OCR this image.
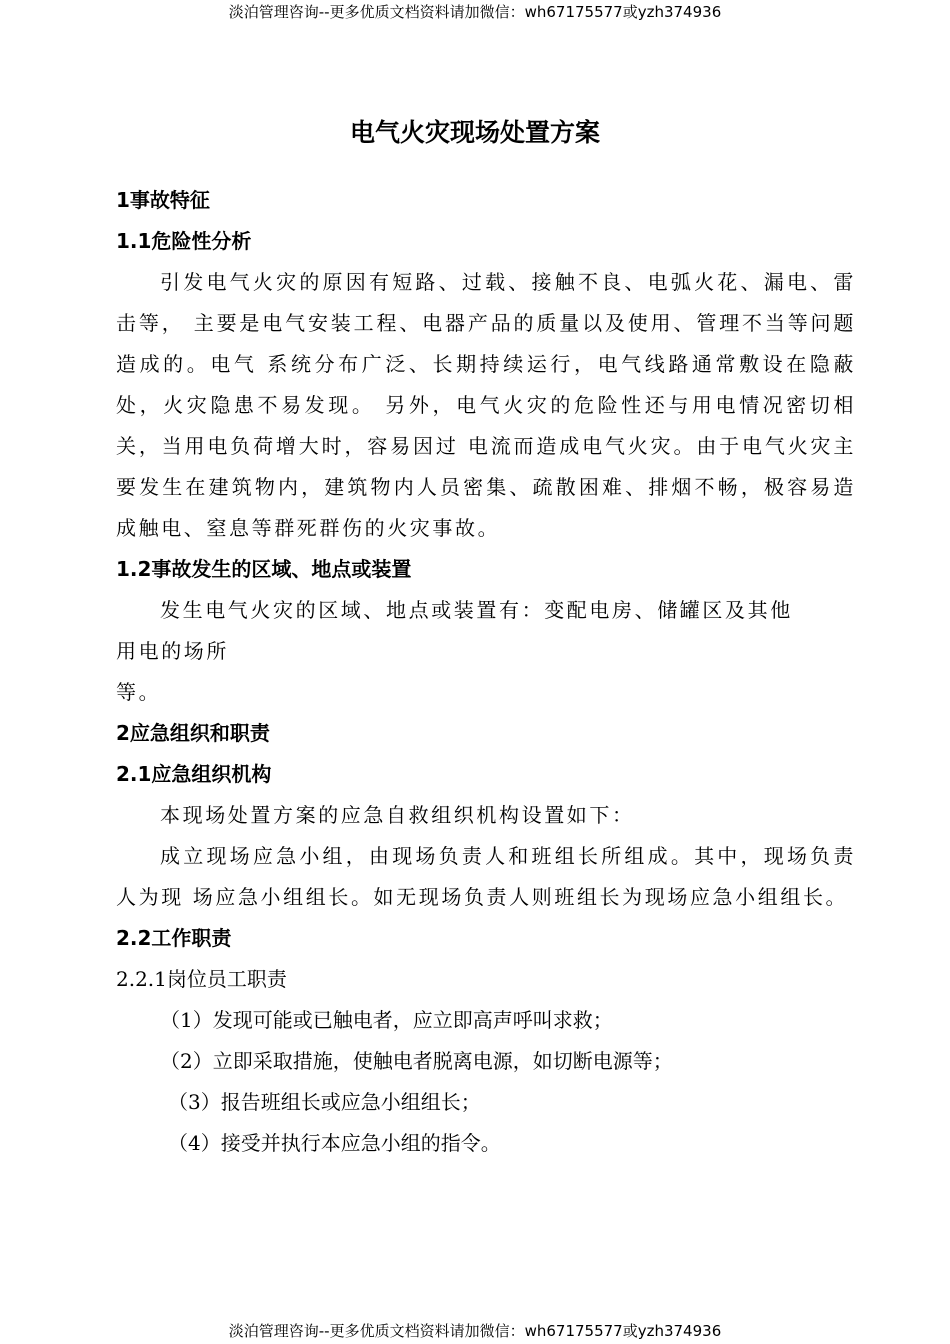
淡泊管理咨询--更多优质文档资料请加微信：wh67175577或yzh374936
电气火灾现场处置方案
1事故特征
1.1危险性分析

引发电气火灾的原因有短路、过载、接触不良、电弧火花、漏电、雷击等， 主要是电气安装工程、电器产品的质量以及使用、管理不当等问题造成的。电气 系统分布广泛、长期持续运行，电气线路通常敷设在隐蔽处，火灾隐患不易发现。 另外，电气火灾的危险性还与用电情况密切相关，当用电负荷增大时，容易因过 电流而造成电气火灾。由于电气火灾主要发生在建筑物内，建筑物内人员密集、疏散困难、排烟不畅，极容易造成触电、窒息等群死群伤的火灾事故。

1.2事故发生的区域、地点或装置

发生电气火灾的区域、地点或装置有：变配电房、储罐区及其他

用电的场所

等。

2应急组织和职责
2.1应急组织机构

本现场处置方案的应急自救组织机构设置如下：

成立现场应急小组，由现场负责人和班组长所组成。其中，现场负责人为现 场应急小组组长。如无现场负责人则班组长为现场应急小组组长。

2.2工作职责
2.2.1岗位员工职责
（1）发现可能或已触电者，应立即高声呼叫求救；
（2）立即采取措施，使触电者脱离电源，如切断电源等；
（3）报告班组长或应急小组组长；
（4）接受并执行本应急小组的指令。
淡泊管理咨询--更多优质文档资料请加微信：wh67175577或yzh374936
